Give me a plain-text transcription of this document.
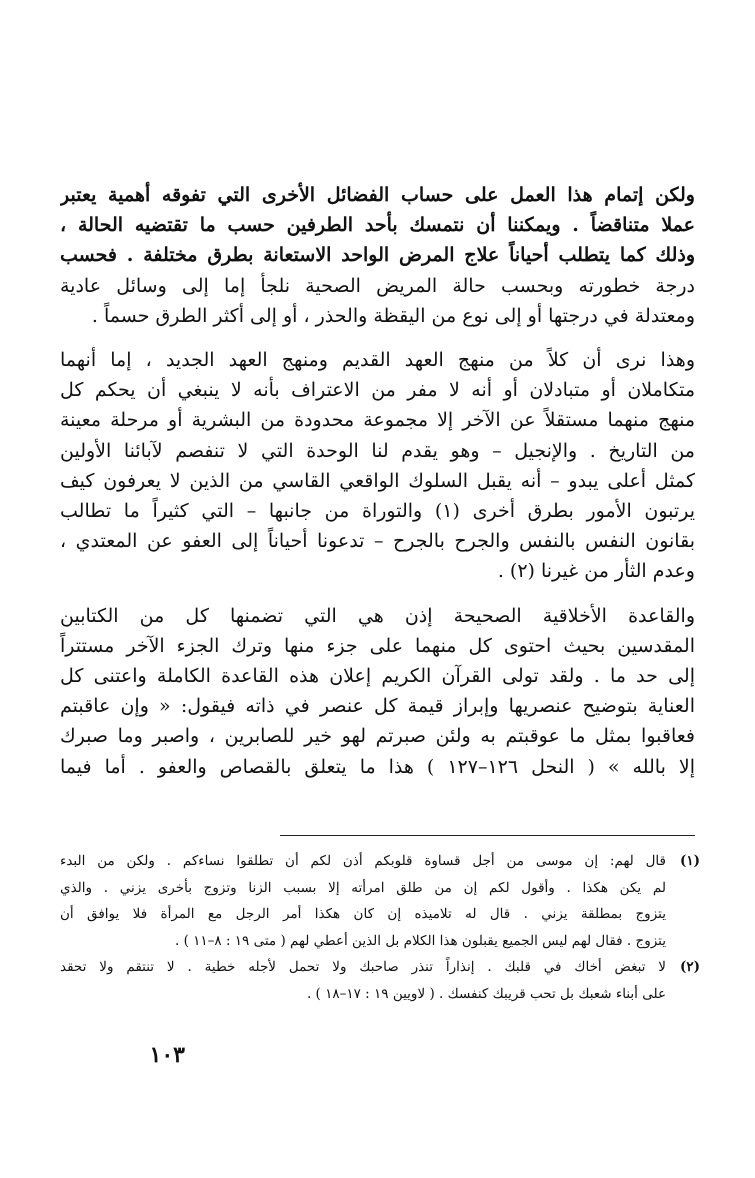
ولكن إتمام هذا العمل على حساب الفضائل الأخرى التي تفوقه أهمية يعتبر
عملا متناقضاً . ويمكننا أن نتمسك بأحد الطرفين حسب ما تقتضيه الحالة ،
وذلك كما يتطلب أحياناً علاج المرض الواحد الاستعانة بطرق مختلفة . فحسب
درجة خطورته وبحسب حالة المريض الصحية نلجأ إما إلى وسائل عادية
ومعتدلة في درجتها أو إلى نوع من اليقظة والحذر ، أو إلى أكثر الطرق حسماً .
وهذا نرى أن كلاً من منهج العهد القديم ومنهج العهد الجديد ، إما أنهما
متكاملان أو متبادلان أو أنه لا مفر من الاعتراف بأنه لا ينبغي أن يحكم كل
منهج منهما مستقلاً عن الآخر إلا مجموعة محدودة من البشرية أو مرحلة معينة
من التاريخ . والإنجيل – وهو يقدم لنا الوحدة التي لا تنفصم لآبائنا الأولين
كمثل أعلى يبدو – أنه يقبل السلوك الواقعي القاسي من الذين لا يعرفون كيف
يرتبون الأمور بطرق أخرى (١) والتوراة من جانبها – التي كثيراً ما تطالب
بقانون النفس بالنفس والجرح بالجرح – تدعونا أحياناً إلى العفو عن المعتدي ،
وعدم الثأر من غيرنا (٢) .
والقاعدة الأخلاقية الصحيحة إذن هي التي تضمنها كل من الكتابين
المقدسين بحيث احتوى كل منهما على جزء منها وترك الجزء الآخر مستتراً
إلى حد ما . ولقد تولى القرآن الكريم إعلان هذه القاعدة الكاملة واعتنى كل
العناية بتوضيح عنصريها وإبراز قيمة كل عنصر في ذاته فيقول: « وإن عاقبتم
فعاقبوا بمثل ما عوقبتم به ولئن صبرتم لهو خير للصابرين ، واصبر وما صبرك
إلا بالله » ( النحل ١٢٦–١٢٧ ) هذا ما يتعلق بالقصاص والعفو . أما فيما
(١)
قال لهم: إن موسى من أجل قساوة قلوبكم أذن لكم أن تطلقوا نساءكم . ولكن من البدء
لم يكن هكذا . وأقول لكم إن من طلق امرأته إلا بسبب الزنا وتزوج بأخرى يزني . والذي
يتزوج بمطلقة يزني . قال له تلاميذه إن كان هكذا أمر الرجل مع المرأة فلا يوافق أن
يتزوج . فقال لهم ليس الجميع يقبلون هذا الكلام بل الذين أعطي لهم ( متى ١٩ : ٨–١١ ) .
(٢)
لا تبغض أخاك في قلبك . إنذاراً تنذر صاحبك ولا تحمل لأجله خطية . لا تنتقم ولا تحقد
على أبناء شعبك بل تحب قريبك كنفسك . ( لاويين ١٩ : ١٧–١٨ ) .
١٠٣
